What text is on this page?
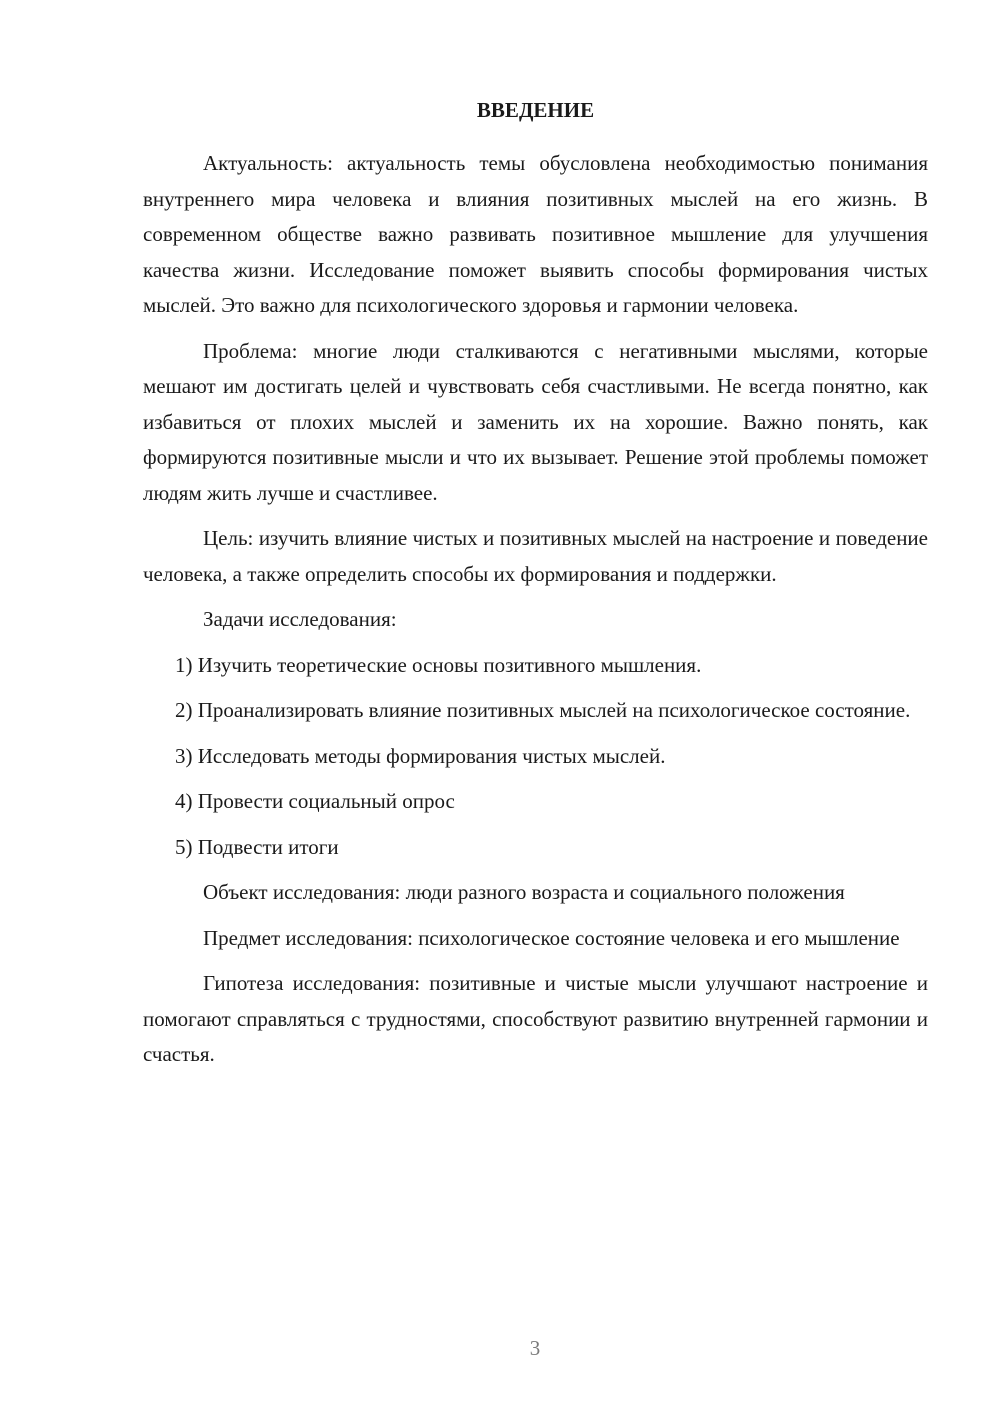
ВВЕДЕНИЕ

Актуальность: актуальность темы обусловлена необходимостью понимания внутреннего мира человека и влияния позитивных мыслей на его жизнь. В современном обществе важно развивать позитивное мышление для улучшения качества жизни. Исследование поможет выявить способы формирования чистых мыслей. Это важно для психологического здоровья и гармонии человека.

Проблема: многие люди сталкиваются с негативными мыслями, которые мешают им достигать целей и чувствовать себя счастливыми. Не всегда понятно, как избавиться от плохих мыслей и заменить их на хорошие. Важно понять, как формируются позитивные мысли и что их вызывает. Решение этой проблемы поможет людям жить лучше и счастливее.

Цель: изучить влияние чистых и позитивных мыслей на настроение и поведение человека, а также определить способы их формирования и поддержки.

Задачи исследования:

1) Изучить теоретические основы позитивного мышления.

2) Проанализировать влияние позитивных мыслей на психологическое состояние.

3) Исследовать методы формирования чистых мыслей.

4) Провести социальный опрос

5) Подвести итоги

Объект исследования: люди разного возраста и социального положения

Предмет исследования: психологическое состояние человека и его мышление

Гипотеза исследования: позитивные и чистые мысли улучшают настроение и помогают справляться с трудностями, способствуют развитию внутренней гармонии и счастья.

3
